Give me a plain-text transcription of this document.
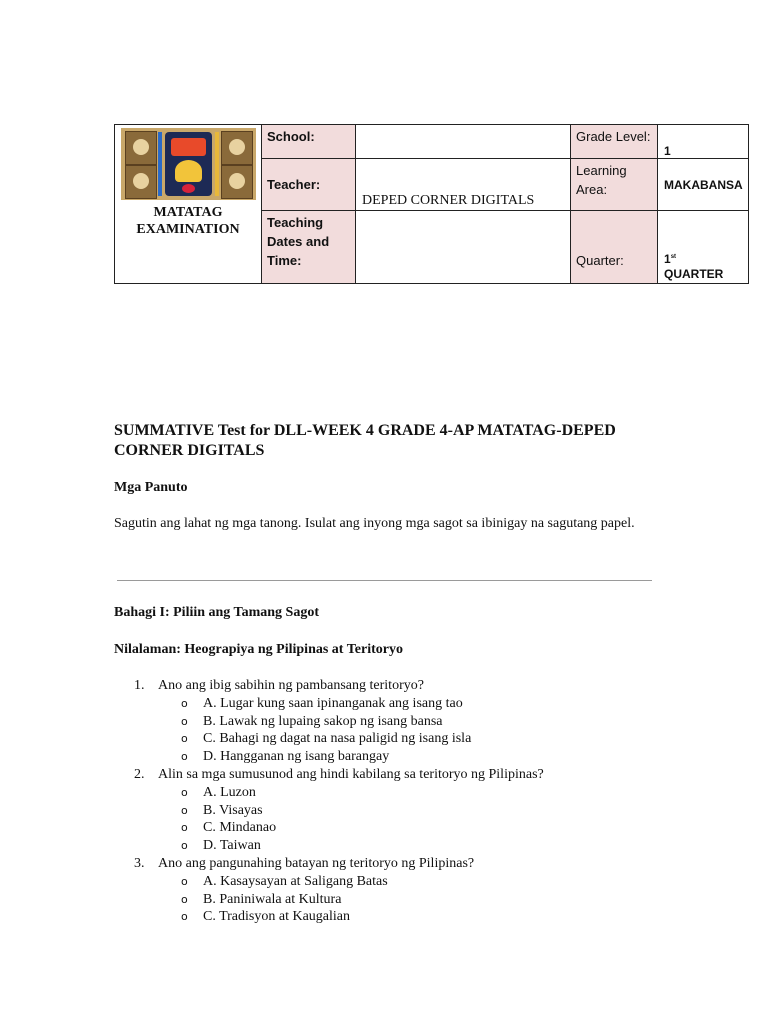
MATATAG EXAMINATION	School:		Grade Level:	1
	Teacher:	DEPED CORNER DIGITALS	Learning Area:	MAKABANSA
	Teaching Dates and Time:		Quarter:	1st
QUARTER
SUMMATIVE Test for DLL-WEEK 4 GRADE 4-AP MATATAG-DEPED CORNER DIGITALS
Mga Panuto
Sagutin ang lahat ng mga tanong. Isulat ang inyong mga sagot sa ibinigay na sagutang papel.
Bahagi I: Piliin ang Tamang Sagot
Nilalaman: Heograpiya ng Pilipinas at Teritoryo
1. Ano ang ibig sabihin ng pambansang teritoryo?
o A. Lugar kung saan ipinanganak ang isang tao
o B. Lawak ng lupaing sakop ng isang bansa
o C. Bahagi ng dagat na nasa paligid ng isang isla
o D. Hangganan ng isang barangay
2. Alin sa mga sumusunod ang hindi kabilang sa teritoryo ng Pilipinas?
o A. Luzon
o B. Visayas
o C. Mindanao
o D. Taiwan
3. Ano ang pangunahing batayan ng teritoryo ng Pilipinas?
o A. Kasaysayan at Saligang Batas
o B. Paniniwala at Kultura
o C. Tradisyon at Kaugalian
